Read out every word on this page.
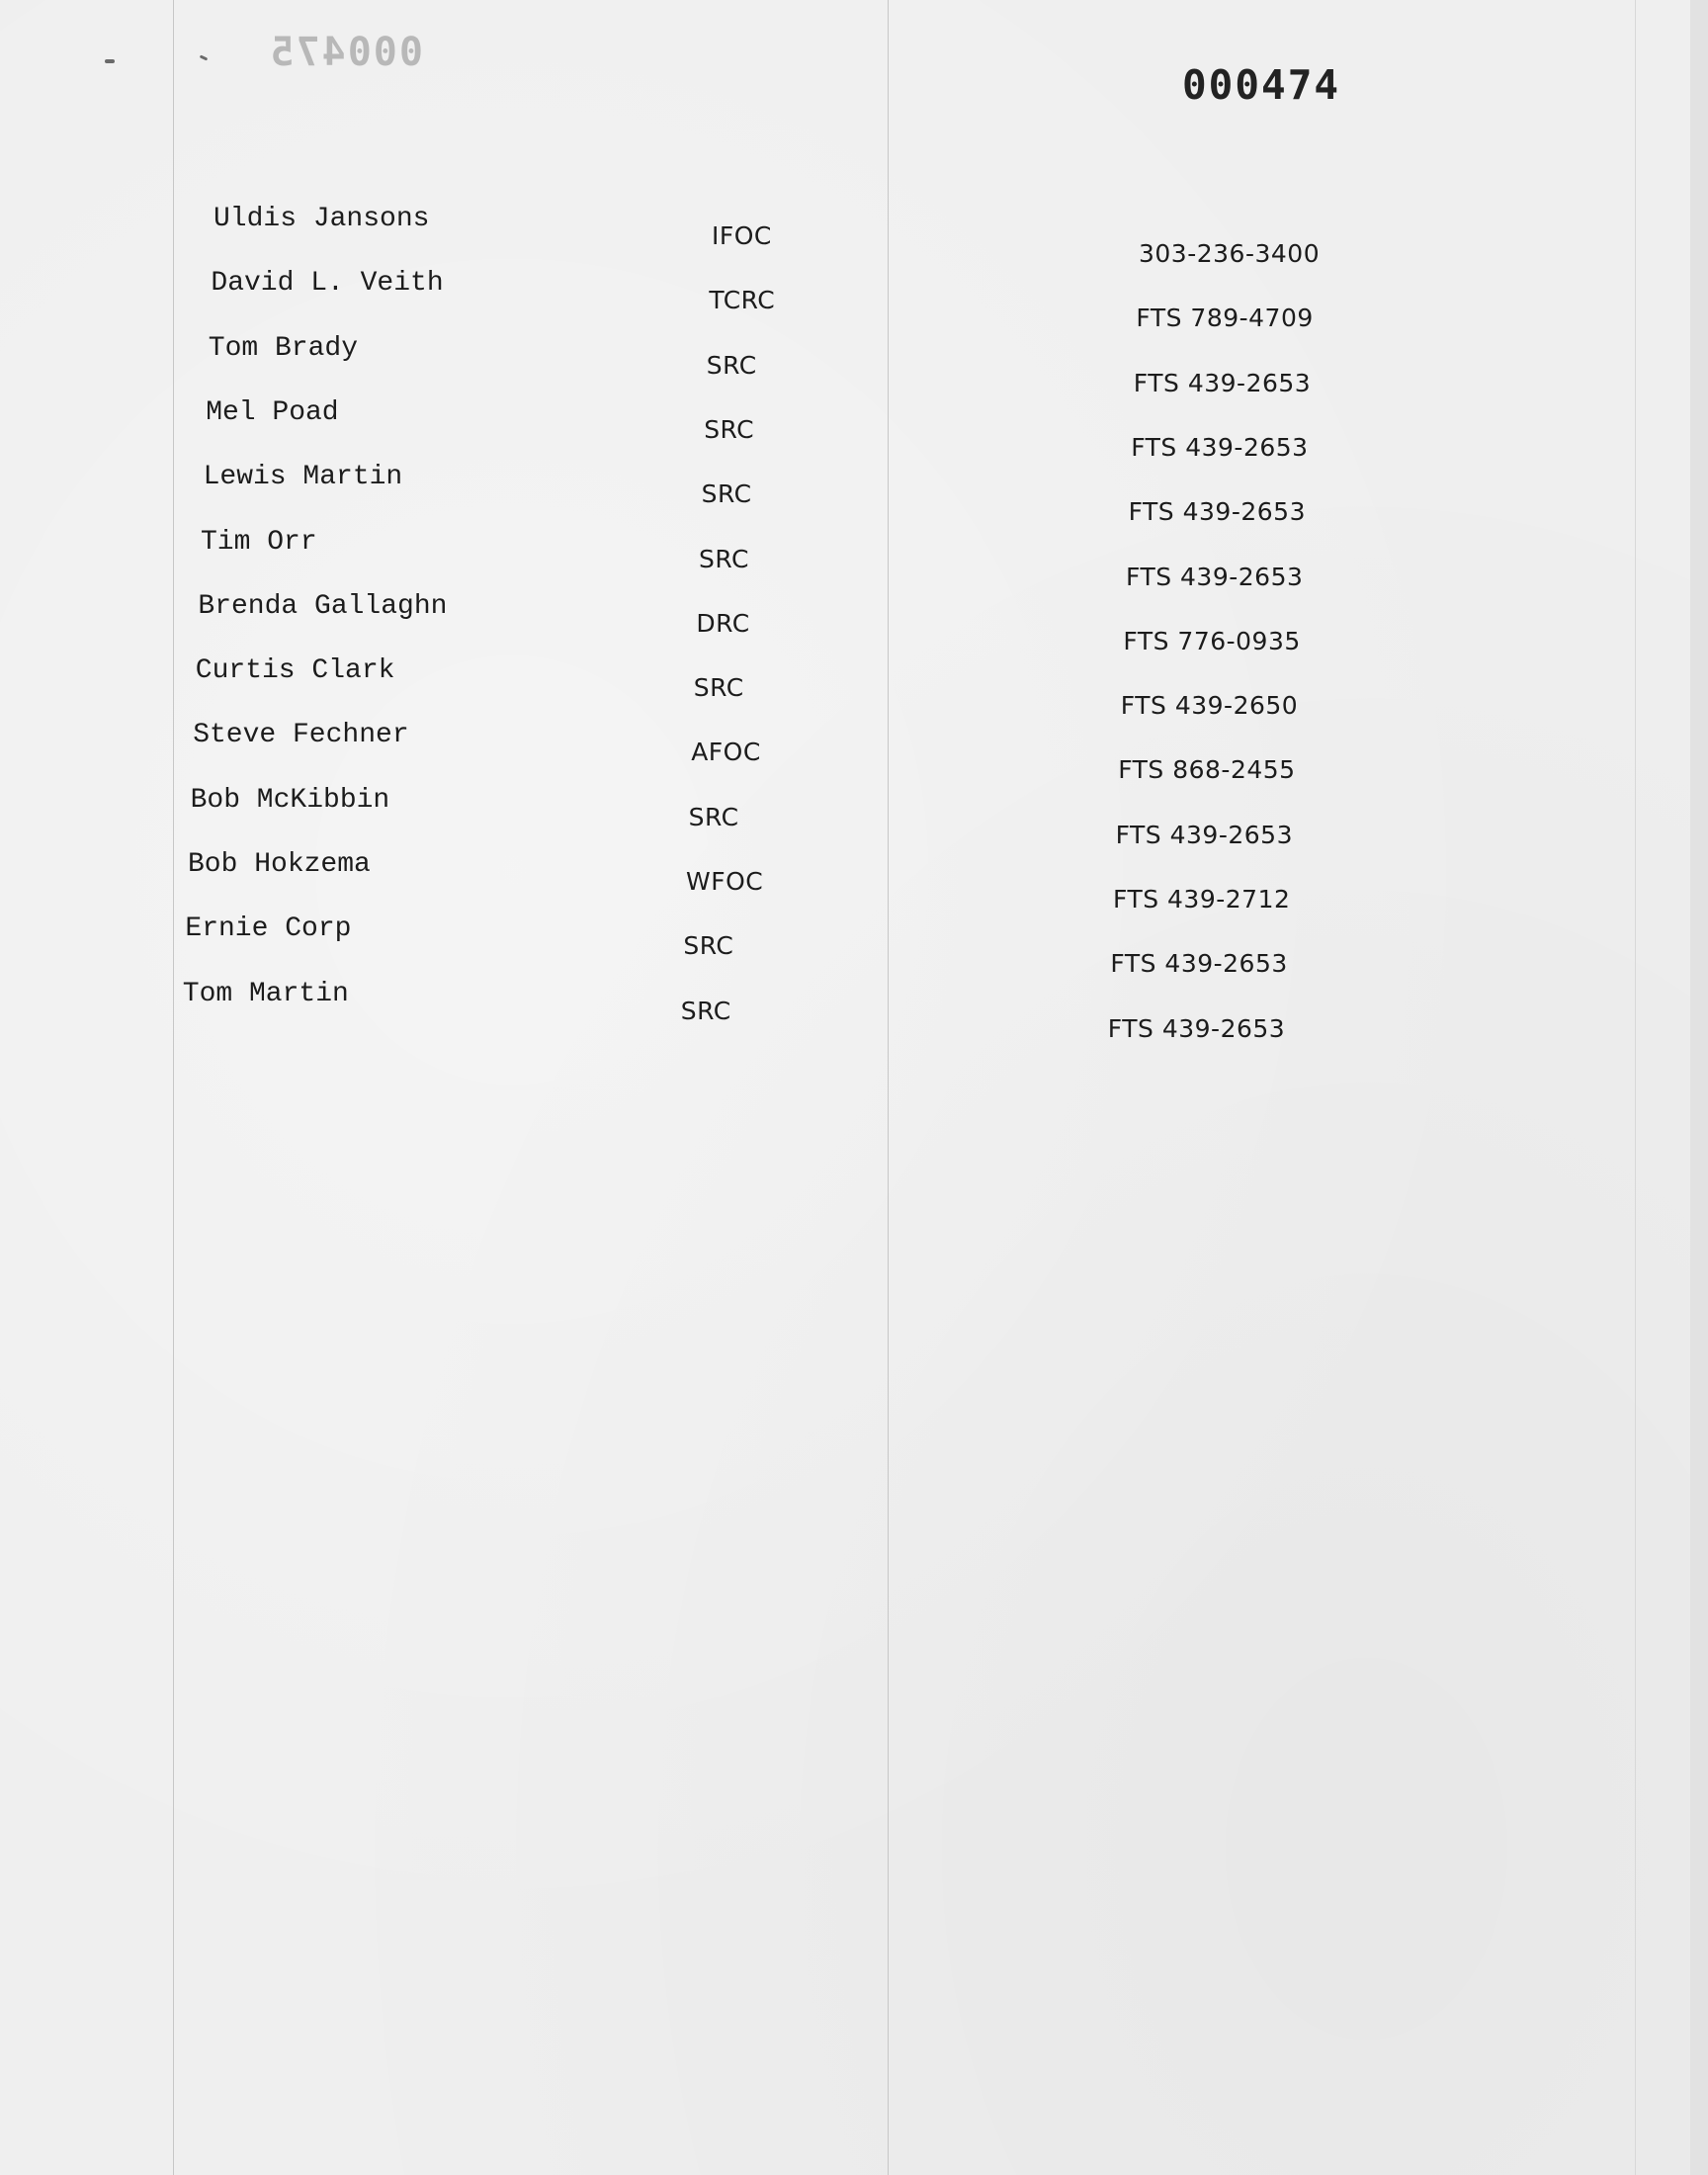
000475
000474
Uldis Jansons
IFOC
303-236-3400
David L. Veith
TCRC
FTS 789-4709
Tom Brady
SRC
FTS 439-2653
Mel Poad
SRC
FTS 439-2653
Lewis Martin
SRC
FTS 439-2653
Tim Orr
SRC
FTS 439-2653
Brenda Gallaghn
DRC
FTS 776-0935
Curtis Clark
SRC
FTS 439-2650
Steve Fechner
AFOC
FTS 868-2455
Bob McKibbin
SRC
FTS 439-2653
Bob Hokzema
WFOC
FTS 439-2712
Ernie Corp
SRC
FTS 439-2653
Tom Martin
SRC
FTS 439-2653
